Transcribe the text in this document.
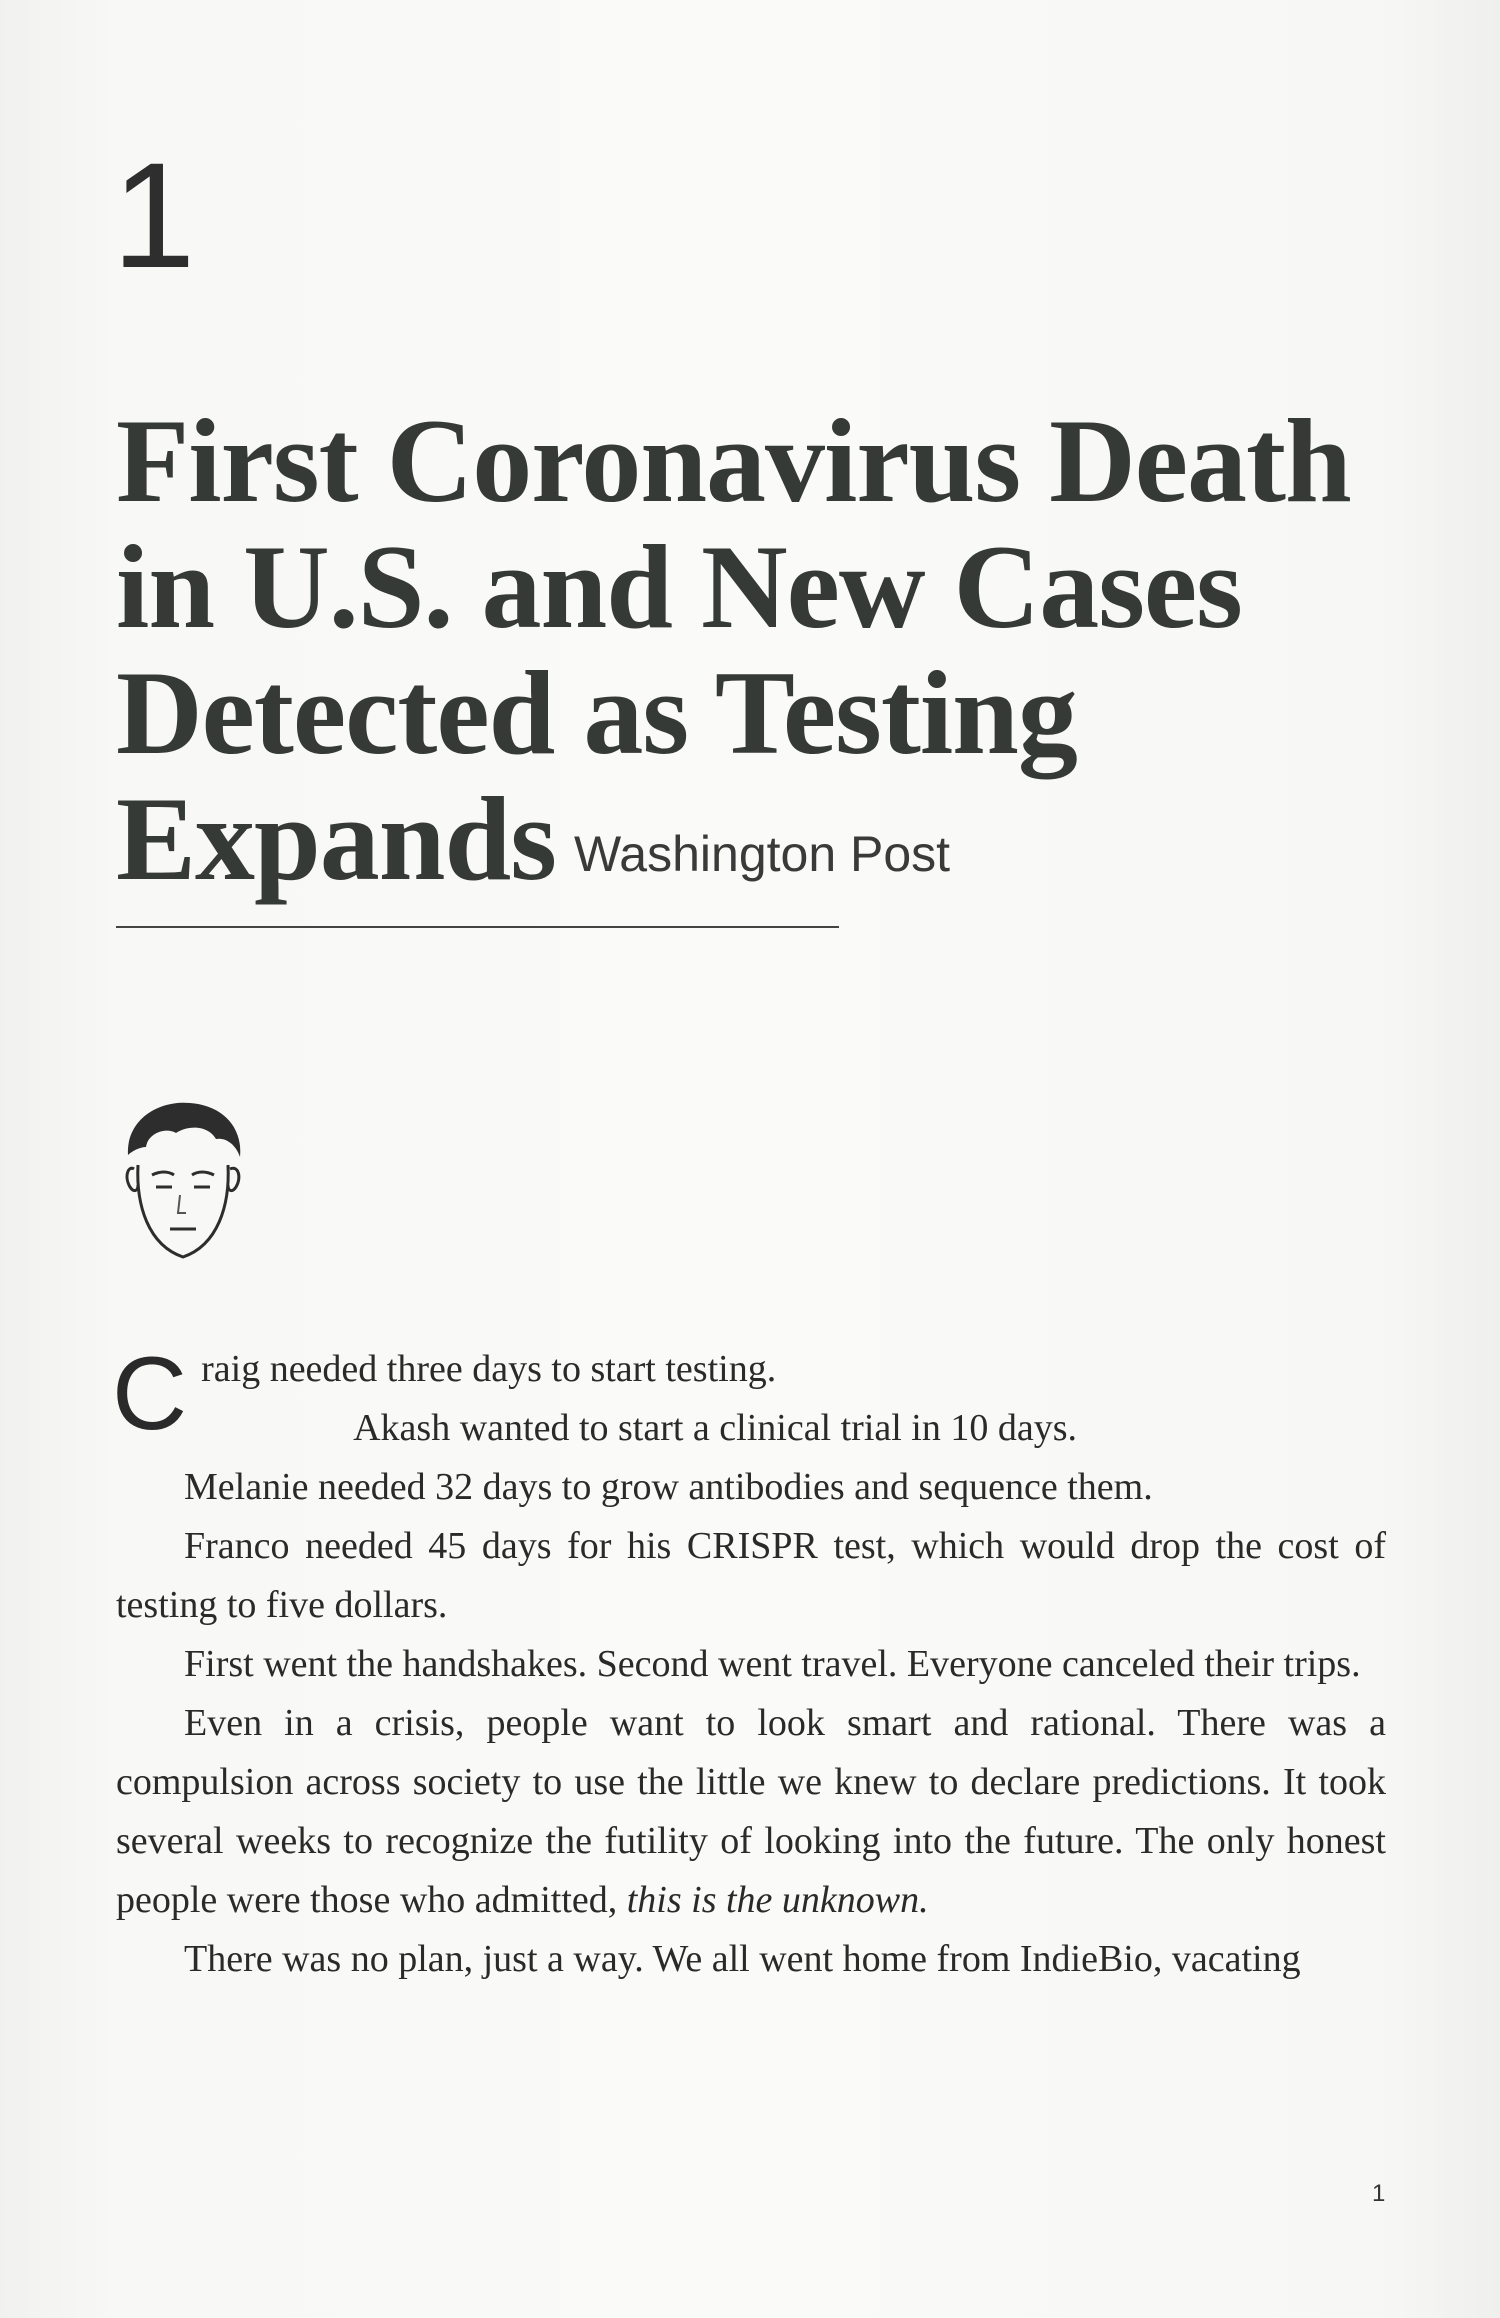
1
First Coronavirus Death
in U.S. and New Cases
Detected as Testing
Expands Washington Post

Craig needed three days to start testing.

Akash wanted to start a clinical trial in 10 days.

Melanie needed 32 days to grow antibodies and sequence them.

Franco needed 45 days for his CRISPR test, which would drop the cost of testing to five dollars.

First went the handshakes. Second went travel. Everyone canceled their trips.

Even in a crisis, people want to look smart and rational. There was a compulsion across society to use the little we knew to declare predictions. It took several weeks to recognize the futility of looking into the future. The only honest people were those who admitted, this is the unknown.

There was no plan, just a way. We all went home from IndieBio, vacating

1
